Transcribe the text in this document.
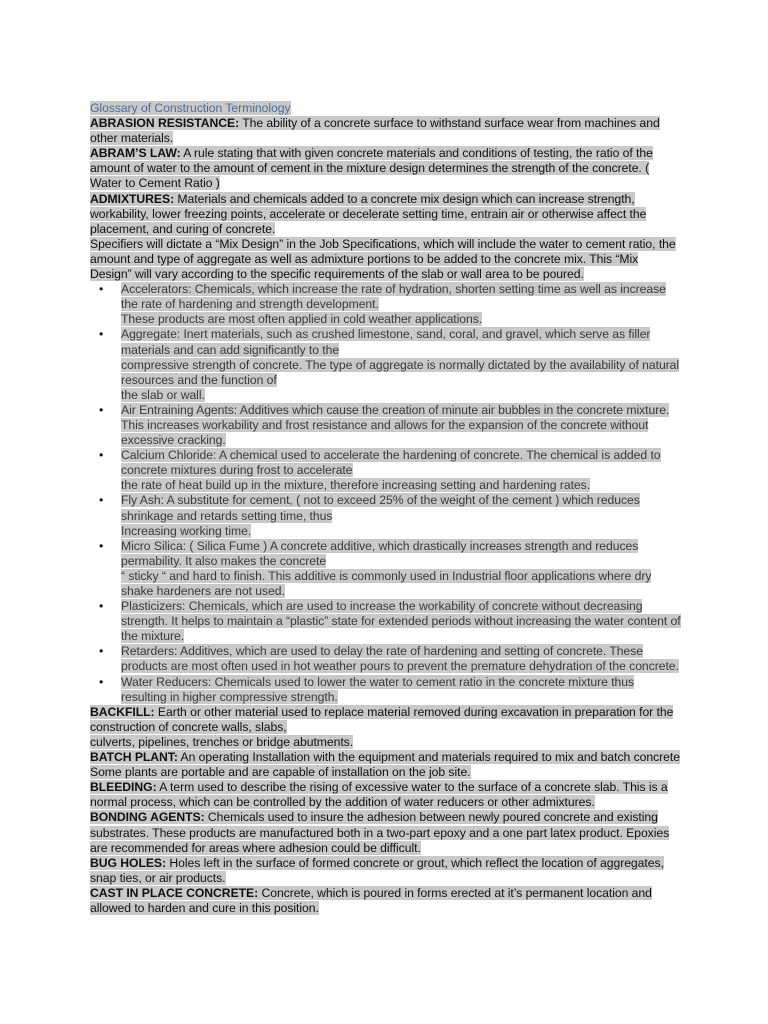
Glossary of Construction Terminology
ABRASION RESISTANCE: The ability of a concrete surface to withstand surface wear from machines and other materials.
ABRAM’S LAW: A rule stating that with given concrete materials and conditions of testing, the ratio of the amount of water to the amount of cement in the mixture design determines the strength of the concrete. ( Water to Cement Ratio )
ADMIXTURES: Materials and chemicals added to a concrete mix design which can increase strength, workability, lower freezing points, accelerate or decelerate setting time, entrain air or otherwise affect the placement, and curing of concrete.
Specifiers will dictate a “Mix Design” in the Job Specifications, which will include the water to cement ratio, the amount and type of aggregate as well as admixture portions to be added to the concrete mix. This “Mix Design” will vary according to the specific requirements of the slab or wall area to be poured.
• Accelerators: Chemicals, which increase the rate of hydration, shorten setting time as well as increase the rate of hardening and strength development.
These products are most often applied in cold weather applications.
• Aggregate: Inert materials, such as crushed limestone, sand, coral, and gravel, which serve as filler materials and can add significantly to the
compressive strength of concrete. The type of aggregate is normally dictated by the availability of natural resources and the function of
the slab or wall.
• Air Entraining Agents: Additives which cause the creation of minute air bubbles in the concrete mixture. This increases workability and frost resistance and allows for the expansion of the concrete without excessive cracking.
• Calcium Chloride: A chemical used to accelerate the hardening of concrete. The chemical is added to concrete mixtures during frost to accelerate
the rate of heat build up in the mixture, therefore increasing setting and hardening rates.
• Fly Ash: A substitute for cement, ( not to exceed 25% of the weight of the cement ) which reduces shrinkage and retards setting time, thus
Increasing working time.
• Micro Silica: ( Silica Fume ) A concrete additive, which drastically increases strength and reduces permability. It also makes the concrete
“ sticky “ and hard to finish. This additive is commonly used in Industrial floor applications where dry shake hardeners are not used.
• Plasticizers: Chemicals, which are used to increase the workability of concrete without decreasing strength. It helps to maintain a “plastic” state for extended periods without increasing the water content of the mixture.
• Retarders: Additives, which are used to delay the rate of hardening and setting of concrete. These products are most often used in hot weather pours to prevent the premature dehydration of the concrete.
• Water Reducers: Chemicals used to lower the water to cement ratio in the concrete mixture thus resulting in higher compressive strength.
BACKFILL: Earth or other material used to replace material removed during excavation in preparation for the construction of concrete walls, slabs,
culverts, pipelines, trenches or bridge abutments.
BATCH PLANT: An operating Installation with the equipment and materials required to mix and batch concrete Some plants are portable and are capable of installation on the job site.
BLEEDING: A term used to describe the rising of excessive water to the surface of a concrete slab. This is a normal process, which can be controlled by the addition of water reducers or other admixtures.
BONDING AGENTS: Chemicals used to insure the adhesion between newly poured concrete and existing substrates. These products are manufactured both in a two-part epoxy and a one part latex product. Epoxies are recommended for areas where adhesion could be difficult.
BUG HOLES: Holes left in the surface of formed concrete or grout, which reflect the location of aggregates, snap ties, or air products.
CAST IN PLACE CONCRETE: Concrete, which is poured in forms erected at it’s permanent location and allowed to harden and cure in this position.
